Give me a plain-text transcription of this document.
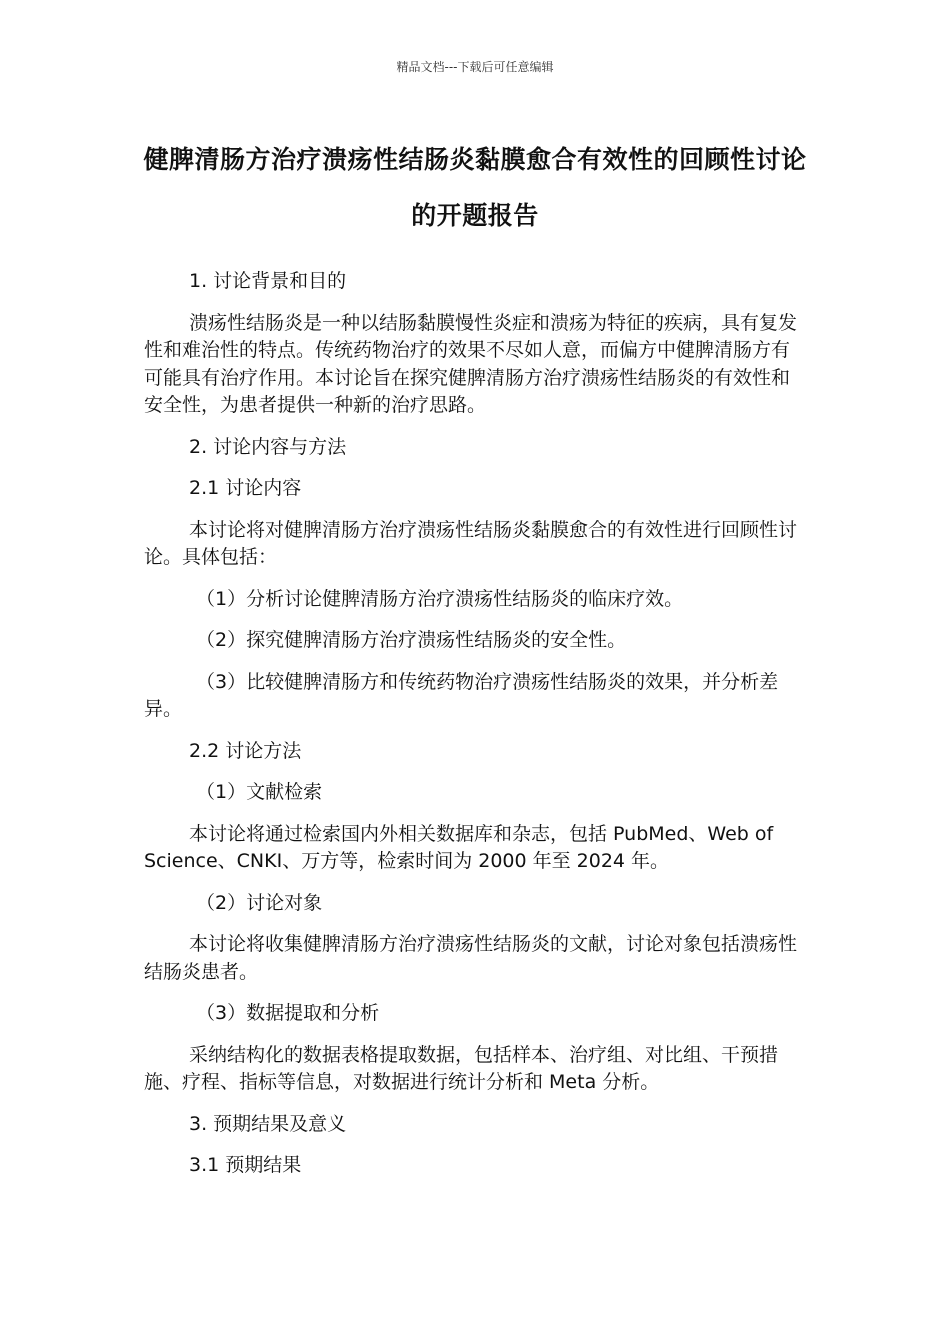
精品文档---下载后可任意编辑
健脾清肠方治疗溃疡性结肠炎黏膜愈合有效性的回顾性讨论的开题报告

1. 讨论背景和目的

溃疡性结肠炎是一种以结肠黏膜慢性炎症和溃疡为特征的疾病，具有复发性和难治性的特点。传统药物治疗的效果不尽如人意，而偏方中健脾清肠方有可能具有治疗作用。本讨论旨在探究健脾清肠方治疗溃疡性结肠炎的有效性和安全性，为患者提供一种新的治疗思路。

2. 讨论内容与方法

2.1 讨论内容

本讨论将对健脾清肠方治疗溃疡性结肠炎黏膜愈合的有效性进行回顾性讨论。具体包括：

（1）分析讨论健脾清肠方治疗溃疡性结肠炎的临床疗效。

（2）探究健脾清肠方治疗溃疡性结肠炎的安全性。

（3）比较健脾清肠方和传统药物治疗溃疡性结肠炎的效果，并分析差异。

2.2 讨论方法

（1）文献检索

本讨论将通过检索国内外相关数据库和杂志，包括 PubMed、Web of Science、CNKI、万方等，检索时间为 2000 年至 2024 年。

（2）讨论对象

本讨论将收集健脾清肠方治疗溃疡性结肠炎的文献，讨论对象包括溃疡性结肠炎患者。

（3）数据提取和分析

采纳结构化的数据表格提取数据，包括样本、治疗组、对比组、干预措施、疗程、指标等信息，对数据进行统计分析和 Meta 分析。

3. 预期结果及意义

3.1 预期结果
